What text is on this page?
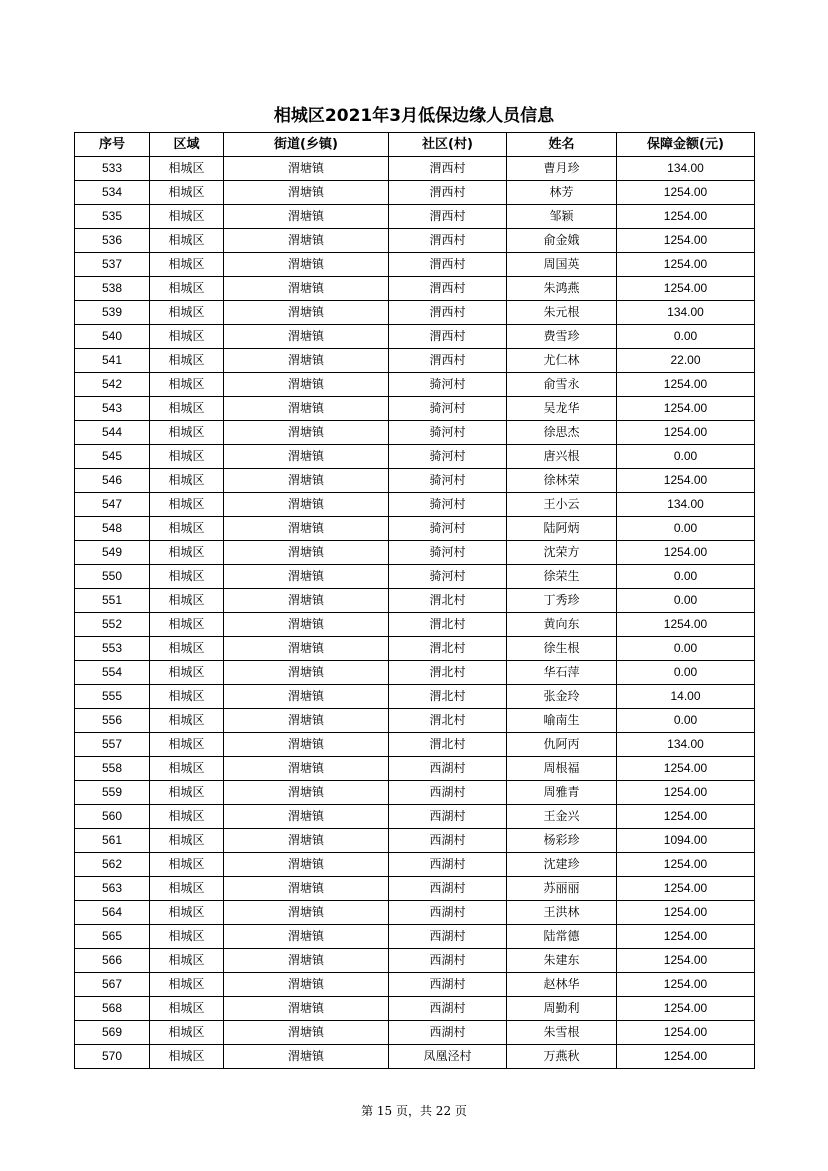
相城区2021年3月低保边缘人员信息
序号	区域	街道(乡镇)	社区(村)	姓名	保障金额(元)
533	相城区	渭塘镇	渭西村	曹月珍	134.00
534	相城区	渭塘镇	渭西村	林芳	1254.00
535	相城区	渭塘镇	渭西村	邹颖	1254.00
536	相城区	渭塘镇	渭西村	俞金娥	1254.00
537	相城区	渭塘镇	渭西村	周国英	1254.00
538	相城区	渭塘镇	渭西村	朱鸿燕	1254.00
539	相城区	渭塘镇	渭西村	朱元根	134.00
540	相城区	渭塘镇	渭西村	费雪珍	0.00
541	相城区	渭塘镇	渭西村	尤仁林	22.00
542	相城区	渭塘镇	骑河村	俞雪永	1254.00
543	相城区	渭塘镇	骑河村	吴龙华	1254.00
544	相城区	渭塘镇	骑河村	徐思杰	1254.00
545	相城区	渭塘镇	骑河村	唐兴根	0.00
546	相城区	渭塘镇	骑河村	徐林荣	1254.00
547	相城区	渭塘镇	骑河村	王小云	134.00
548	相城区	渭塘镇	骑河村	陆阿炳	0.00
549	相城区	渭塘镇	骑河村	沈荣方	1254.00
550	相城区	渭塘镇	骑河村	徐荣生	0.00
551	相城区	渭塘镇	渭北村	丁秀珍	0.00
552	相城区	渭塘镇	渭北村	黄向东	1254.00
553	相城区	渭塘镇	渭北村	徐生根	0.00
554	相城区	渭塘镇	渭北村	华石萍	0.00
555	相城区	渭塘镇	渭北村	张金玲	14.00
556	相城区	渭塘镇	渭北村	喻南生	0.00
557	相城区	渭塘镇	渭北村	仇阿丙	134.00
558	相城区	渭塘镇	西湖村	周根福	1254.00
559	相城区	渭塘镇	西湖村	周雅青	1254.00
560	相城区	渭塘镇	西湖村	王金兴	1254.00
561	相城区	渭塘镇	西湖村	杨彩珍	1094.00
562	相城区	渭塘镇	西湖村	沈建珍	1254.00
563	相城区	渭塘镇	西湖村	苏丽丽	1254.00
564	相城区	渭塘镇	西湖村	王洪林	1254.00
565	相城区	渭塘镇	西湖村	陆常德	1254.00
566	相城区	渭塘镇	西湖村	朱建东	1254.00
567	相城区	渭塘镇	西湖村	赵林华	1254.00
568	相城区	渭塘镇	西湖村	周勤利	1254.00
569	相城区	渭塘镇	西湖村	朱雪根	1254.00
570	相城区	渭塘镇	凤凰泾村	万燕秋	1254.00
第 15 页，共 22 页
